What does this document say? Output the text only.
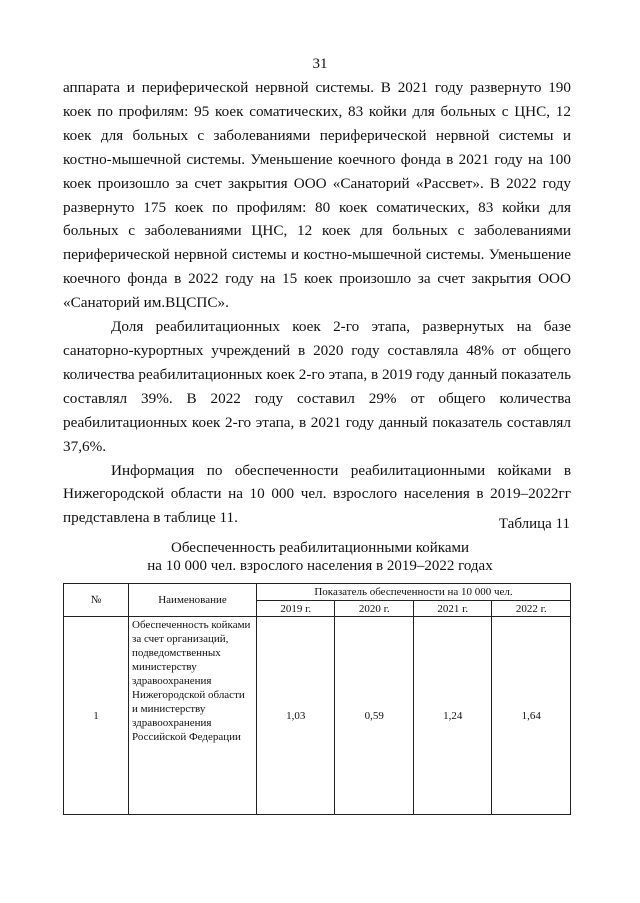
31

аппарата и периферической нервной системы. В 2021 году развернуто 190 коек по профилям: 95 коек соматических, 83 койки для больных с ЦНС, 12 коек для больных с заболеваниями периферической нервной системы и костно-мышечной системы. Уменьшение коечного фонда в 2021 году на 100 коек произошло за счет закрытия ООО «Санаторий «Рассвет». В 2022 году развернуто 175 коек по профилям: 80 коек соматических, 83 койки для больных с заболеваниями ЦНС, 12 коек для больных с заболеваниями периферической нервной системы и костно-мышечной системы. Уменьшение коечного фонда в 2022 году на 15 коек произошло за счет закрытия ООО «Санаторий им.ВЦСПС».

Доля реабилитационных коек 2-го этапа, развернутых на базе санаторно-курортных учреждений в 2020 году составляла 48% от общего количества реабилитационных коек 2-го этапа, в 2019 году данный показатель составлял 39%. В 2022 году составил 29% от общего количества реабилитационных коек 2-го этапа, в 2021 году данный показатель составлял 37,6%.

Информация по обеспеченности реабилитационными койками в Нижегородской области на 10 000 чел. взрослого населения в 2019–2022гг представлена в таблице 11.	Таблица 11
Обеспеченность реабилитационными койками
на 10 000 чел. взрослого населения в 2019–2022 годах
№	Наименование	Показатель обеспеченности на 10 000 чел.			
		2019 г.	2020 г.	2021 г.	2022 г.
1	Обеспеченность койками за счет организаций, подведомственных министерству здравоохранения Нижегородской области и министерству здравоохранения Российской Федерации	1,03	0,59	1,24	1,64
